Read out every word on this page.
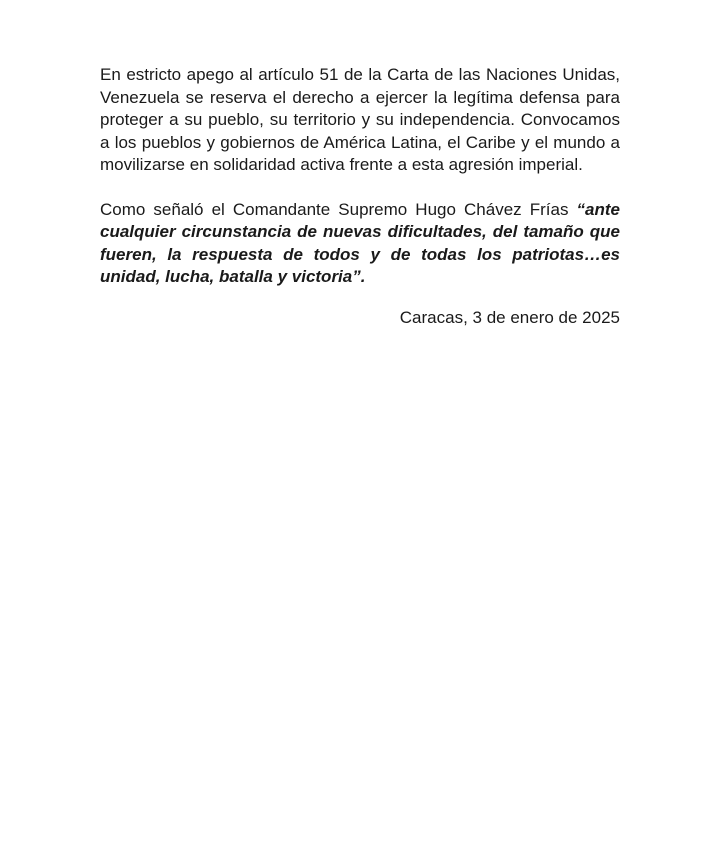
En estricto apego al artículo 51 de la Carta de las Naciones Unidas, Venezuela se reserva el derecho a ejercer la legítima defensa para proteger a su pueblo, su territorio y su independencia. Convocamos a los pueblos y gobiernos de América Latina, el Caribe y el mundo a movilizarse en solidaridad activa frente a esta agresión imperial.

Como señaló el Comandante Supremo Hugo Chávez Frías “ante cualquier circunstancia de nuevas dificultades, del tamaño que fueren, la respuesta de todos y de todas los patriotas…es unidad, lucha, batalla y victoria”.

Caracas, 3 de enero de 2025
